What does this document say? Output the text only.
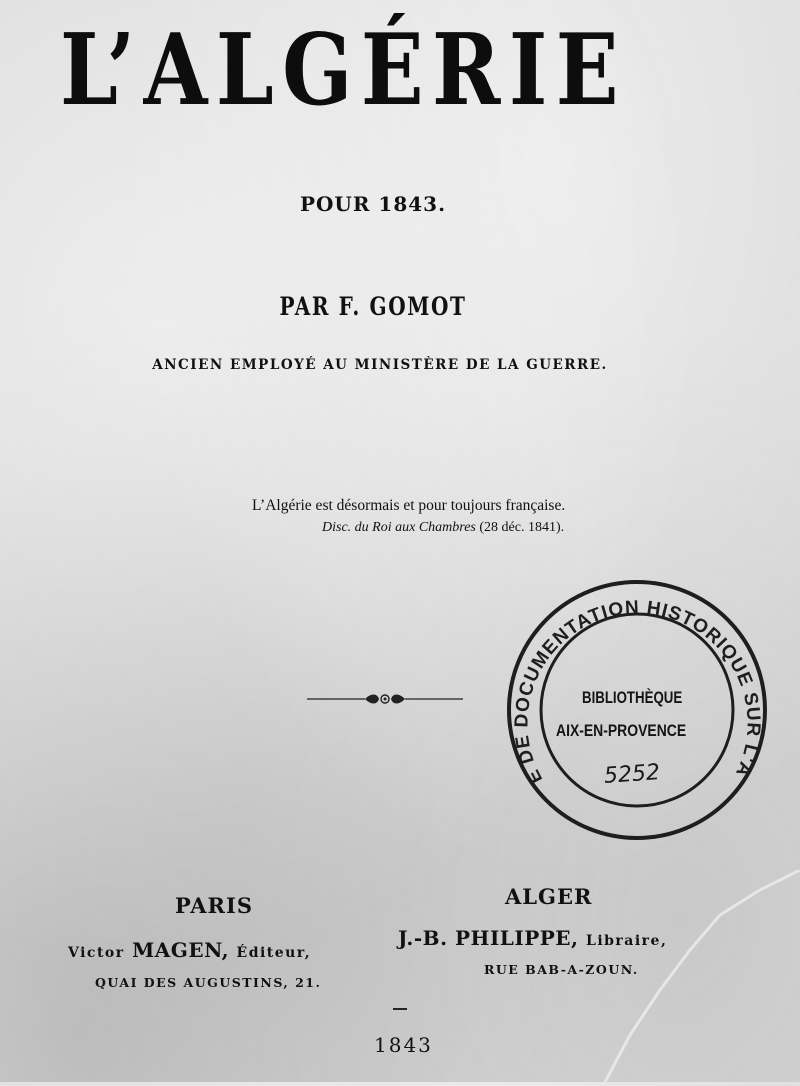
L’ALGÉRIE
POUR 1843.
PAR F. GOMOT
ANCIEN EMPLOYÉ AU MINISTÈRE DE LA GUERRE.
L’Algérie est désormais et pour toujours française.
Disc. du Roi aux Chambres (28 déc. 1841).
E DE DOCUMENTATION HISTORIQUE SUR L'A
BIBLIOTHÈQUE
AIX-EN-PROVENCE
5252
PARIS	ALGER
Victor MAGEN, Éditeur,
J.-B. PHILIPPE, Libraire,
QUAI DES AUGUSTINS, 21.
RUE BAB-A-ZOUN.
1843
